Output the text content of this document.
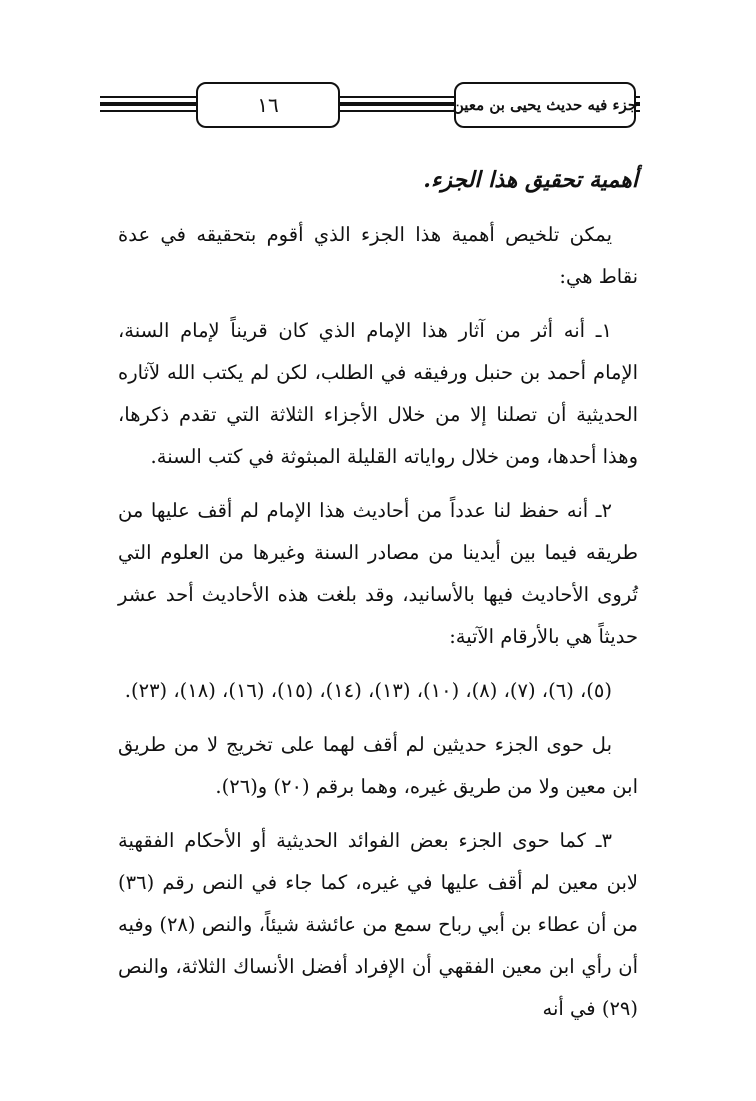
١٦	جزء فيه حديث يحيى بن معين
أهمية تحقيق هذا الجزء.

يمكن تلخيص أهمية هذا الجزء الذي أقوم بتحقيقه في عدة نقاط هي:

١ـ أنه أثر من آثار هذا الإمام الذي كان قريناً لإمام السنة، الإمام أحمد بن حنبل ورفيقه في الطلب، لكن لم يكتب الله لآثاره الحديثية أن تصلنا إلا من خلال الأجزاء الثلاثة التي تقدم ذكرها، وهذا أحدها، ومن خلال رواياته القليلة المبثوثة في كتب السنة.

٢ـ أنه حفظ لنا عدداً من أحاديث هذا الإمام لم أقف عليها من طريقه فيما بين أيدينا من مصادر السنة وغيرها من العلوم التي تُروى الأحاديث فيها بالأسانيد، وقد بلغت هذه الأحاديث أحد عشر حديثاً هي بالأرقام الآتية:

(٥)، (٦)، (٧)، (٨)، (١٠)، (١٣)، (١٤)، (١٥)، (١٦)، (١٨)، (٢٣).

بل حوى الجزء حديثين لم أقف لهما على تخريج لا من طريق ابن معين ولا من طريق غيره، وهما برقم (٢٠) و(٢٦).

٣ـ كما حوى الجزء بعض الفوائد الحديثية أو الأحكام الفقهية لابن معين لم أقف عليها في غيره، كما جاء في النص رقم (٣٦) من أن عطاء بن أبي رباح سمع من عائشة شيئاً، والنص (٢٨) وفيه أن رأي ابن معين الفقهي أن الإفراد أفضل الأنساك الثلاثة، والنص (٢٩) في أنه
